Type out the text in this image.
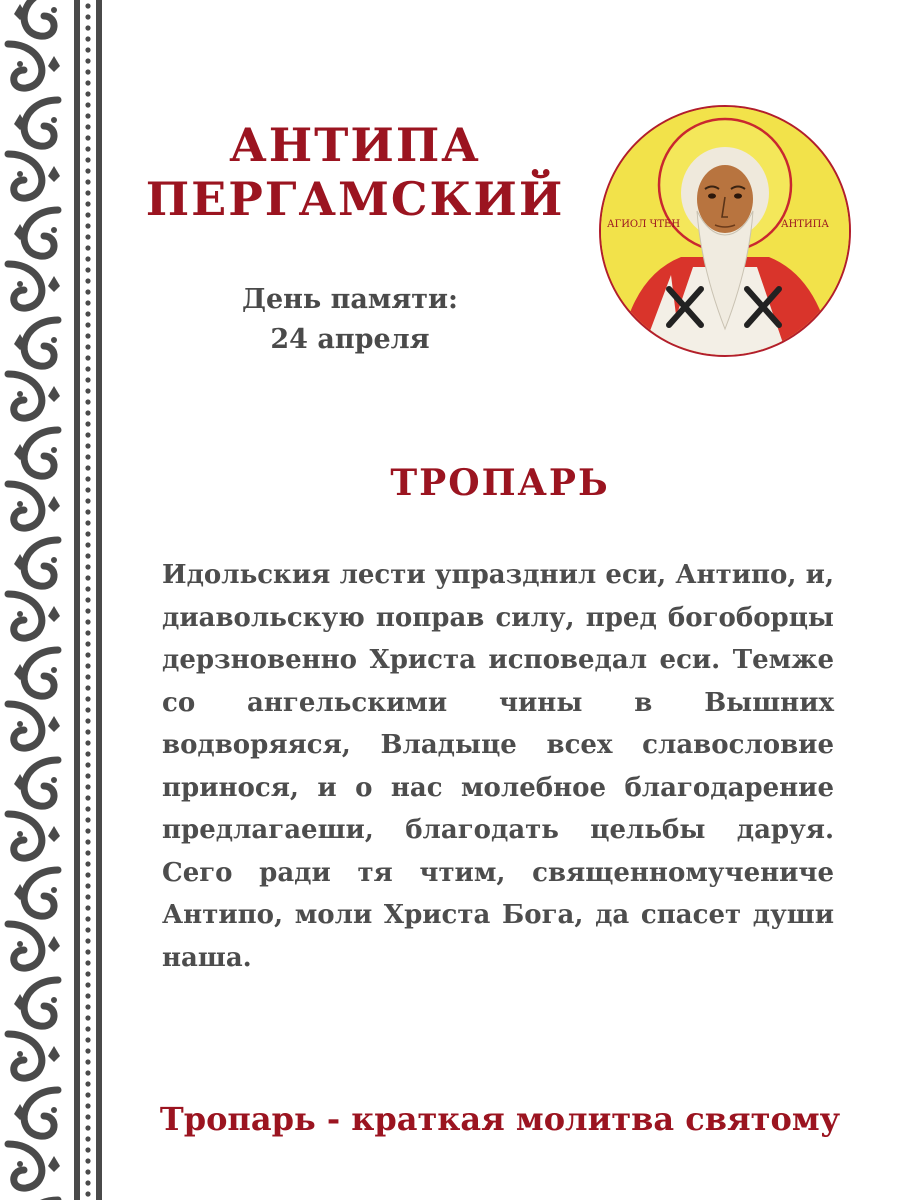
АНТИПА
ПЕРГАМСКИЙ
День памяти:
24 апреля
АГИОЛ ЧТЕН	АНТИПА
ТРОПАРЬ

Идольския лести упразднил еси, Антипо, и, диавольскую поправ силу, пред богоборцы дерзновенно Христа исповедал еси. Темже со ангельскими чины в Вышних водворяяся, Владыце всех славословие принося, и о нас молебное благодарение предлагаеши, благодать цельбы даруя. Сего ради тя чтим, священномучениче Антипо, моли Христа Бога, да спасет души наша.

Тропарь - краткая молитва святому
